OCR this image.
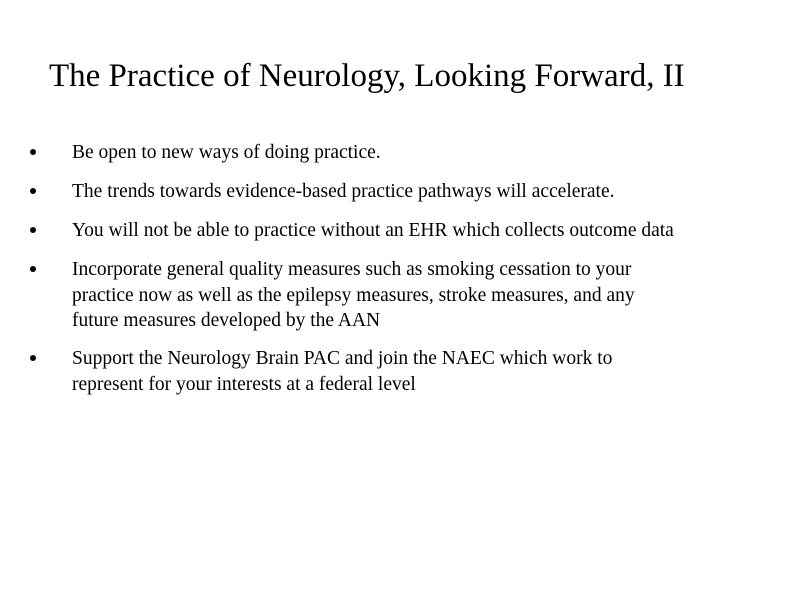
The Practice of Neurology, Looking Forward, II
Be open to new ways of doing practice.
The trends towards evidence-based practice pathways will accelerate.
You will not be able to practice without an EHR which collects outcome data
Incorporate general quality measures such as smoking cessation to your
practice now as well as the epilepsy measures, stroke measures, and any
future measures developed by the AAN
Support the Neurology Brain PAC and join the NAEC which work to
represent for your interests at a federal level
